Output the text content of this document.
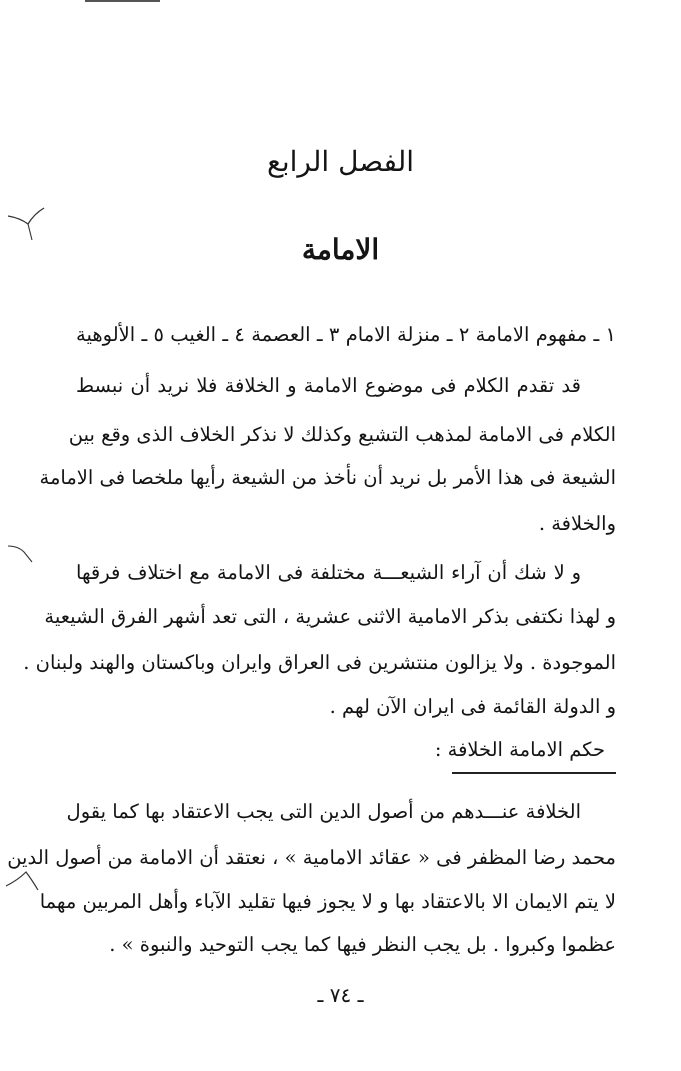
الفصل الرابع
الامامة
١ ـ مفهوم الامامة ٢ ـ منزلة الامام ٣ ـ العصمة ٤ ـ الغيب ٥ ـ الألوهية
قد تقدم الكلام فى موضوع الامامة و الخلافة فلا نريد أن نبسط
الكلام فى الامامة لمذهب التشيع وكذلك لا نذكر الخلاف الذى وقع بين
الشيعة فى هذا الأمر بل نريد أن نأخذ من الشيعة رأيها ملخصا فى الامامة
والخلافة .
و لا شك أن آراء الشيعـــة مختلفة فى الامامة مع اختلاف فرقها
و لهذا نكتفى بذكر الامامية الاثنى عشرية ، التى تعد أشهر الفرق الشيعية
الموجودة . ولا يزالون منتشرين فى العراق وايران وباكستان والهند ولبنان .
و الدولة القائمة فى ايران الآن لهم .
حكم الامامة الخلافة :
الخلافة عنـــدهم من أصول الدين التى يجب الاعتقاد بها كما يقول
محمد رضا المظفر فى « عقائد الامامية » ، نعتقد أن الامامة من أصول الدين
لا يتم الايمان الا بالاعتقاد بها و لا يجوز فيها تقليد الآباء وأهل المربين مهما
عظموا وكبروا . بل يجب النظر فيها كما يجب التوحيد والنبوة » .
ـ ٧٤ ـ
